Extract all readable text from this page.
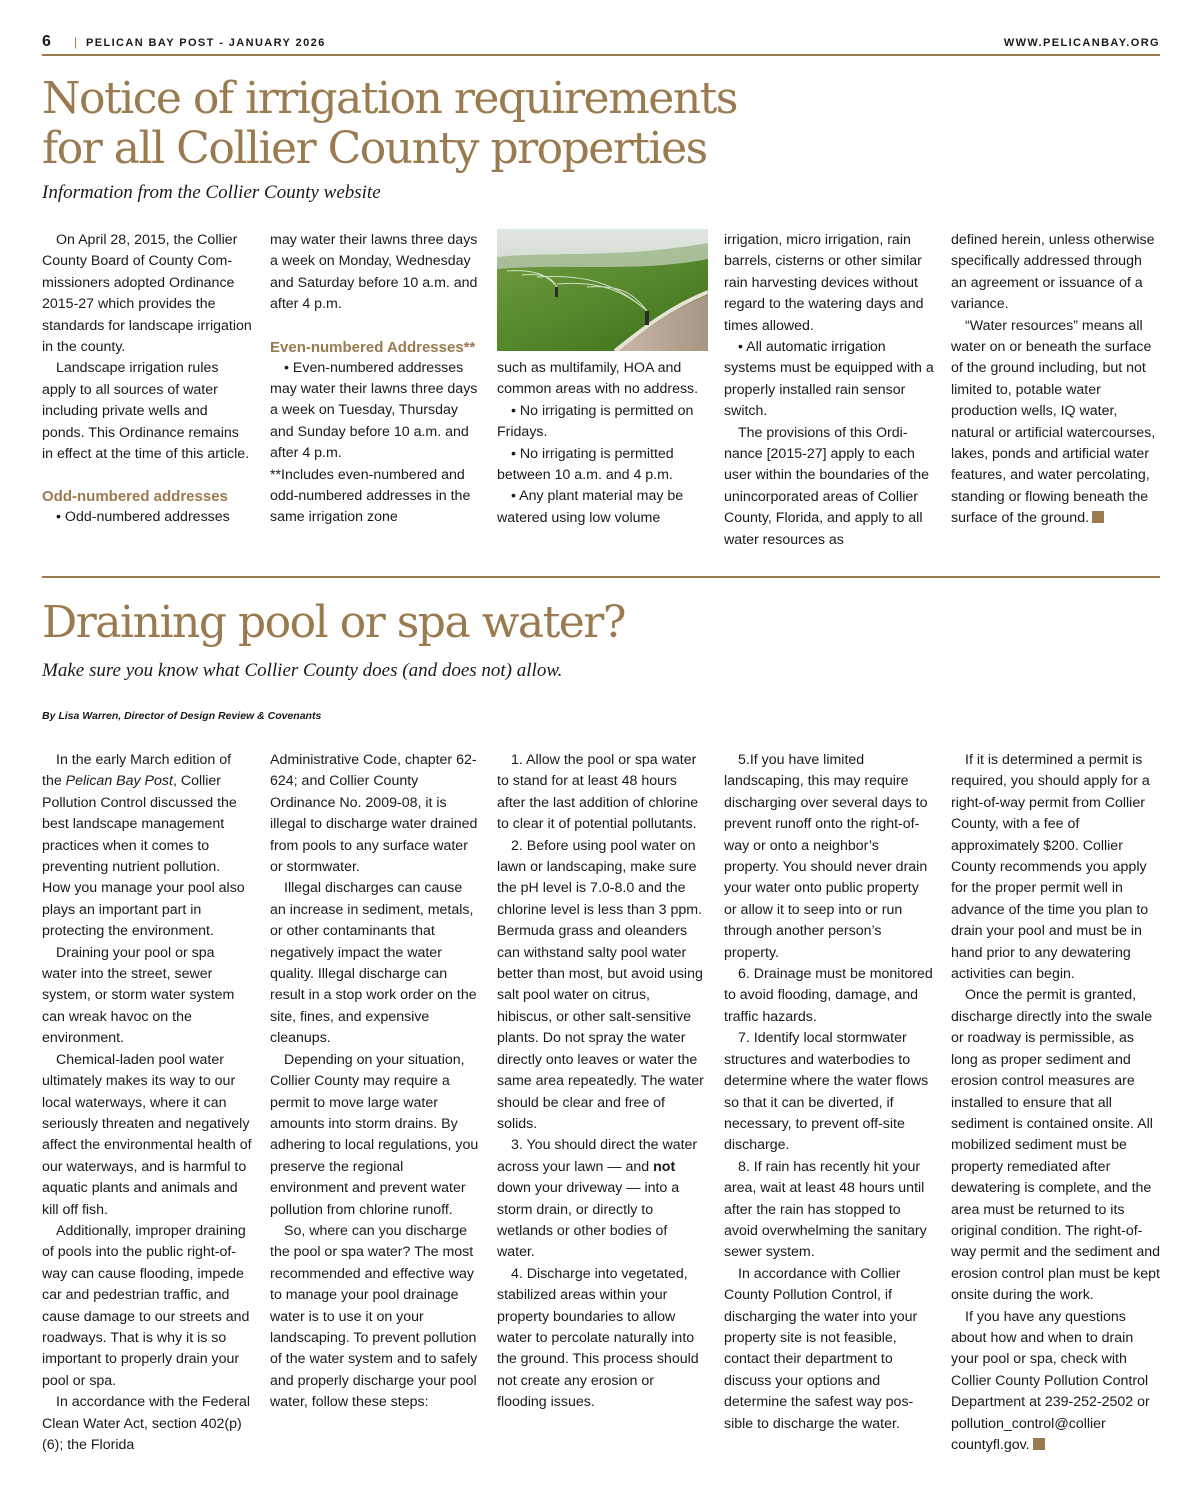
6 | PELICAN BAY POST - JANUARY 2026	WWW.PELICANBAY.ORG
Notice of irrigation requirements
for all Collier County properties
Information from the Collier County website

On April 28, 2015, the Collier County Board of County Commissioners adopted Ordinance 2015-27 which provides the standards for landscape irrigation in the county.

Landscape irrigation rules apply to all sources of water including private wells and ponds. This Ordinance remains in effect at the time of this article.

Odd-numbered addresses

• Odd-numbered addresses

may water their lawns three days a week on Monday, Wednesday and Saturday before 10 a.m. and after 4 p.m.

Even-numbered Addresses**

• Even-numbered addresses may water their lawns three days a week on Tuesday, Thursday and Sunday before 10 a.m. and after 4 p.m.

**Includes even-numbered and odd-numbered addresses in the same irrigation zone

such as multifamily, HOA and common areas with no address.

• No irrigating is permitted on Fridays.

• No irrigating is permitted between 10 a.m. and 4 p.m.

• Any plant material may be watered using low volume

irrigation, micro irrigation, rain barrels, cisterns or other similar rain harvesting devices without regard to the watering days and times allowed.

• All automatic irrigation systems must be equipped with a properly installed rain sensor switch.

The provisions of this Ordinance [2015-27] apply to each user within the boundaries of the unincorporated areas of Collier County, Florida, and apply to all water resources as

defined herein, unless otherwise specifically addressed through an agreement or issuance of a variance.

“Water resources” means all water on or beneath the surface of the ground including, but not limited to, potable water production wells, IQ water, natural or artificial watercourses, lakes, ponds and artificial water features, and water percolating, standing or flowing beneath the surface of the ground.

Draining pool or spa water?
Make sure you know what Collier County does (and does not) allow.
By Lisa Warren, Director of Design Review & Covenants

In the early March edition of the Pelican Bay Post, Collier Pollution Control discussed the best landscape management practices when it comes to preventing nutrient pollution. How you manage your pool also plays an important part in protecting the environment.

Draining your pool or spa water into the street, sewer system, or storm water system can wreak havoc on the environment.

Chemical-laden pool water ultimately makes its way to our local waterways, where it can seriously threaten and negatively affect the environmental health of our waterways, and is harmful to aquatic plants and animals and kill off fish.

Additionally, improper draining of pools into the public right-of-way can cause flooding, impede car and pedestrian traffic, and cause damage to our streets and roadways. That is why it is so important to properly drain your pool or spa.

In accordance with the Federal Clean Water Act, section 402(p)(6); the Florida

Administrative Code, chapter 62-624; and Collier County Ordinance No. 2009-08, it is illegal to discharge water drained from pools to any surface water or stormwater.

Illegal discharges can cause an increase in sediment, metals, or other contaminants that negatively impact the water quality. Illegal discharge can result in a stop work order on the site, fines, and expensive cleanups.

Depending on your situation, Collier County may require a permit to move large water amounts into storm drains. By adhering to local regulations, you preserve the regional environment and prevent water pollution from chlorine runoff.

So, where can you discharge the pool or spa water? The most recommended and effective way to manage your pool drainage water is to use it on your landscaping. To prevent pollution of the water system and to safely and properly discharge your pool water, follow these steps:

1. Allow the pool or spa water to stand for at least 48 hours after the last addition of chlorine to clear it of potential pollutants.

2. Before using pool water on lawn or landscaping, make sure the pH level is 7.0-8.0 and the chlorine level is less than 3 ppm. Bermuda grass and oleanders can withstand salty pool water better than most, but avoid using salt pool water on citrus, hibiscus, or other salt-sensitive plants. Do not spray the water directly onto leaves or water the same area repeatedly. The water should be clear and free of solids.

3. You should direct the water across your lawn — and not down your driveway — into a storm drain, or directly to wetlands or other bodies of water.

4. Discharge into vegetated, stabilized areas within your property boundaries to allow water to percolate naturally into the ground. This process should not create any erosion or flooding issues.

5.If you have limited landscaping, this may require discharging over several days to prevent runoff onto the right-of-way or onto a neighbor’s property. You should never drain your water onto public property or allow it to seep into or run through another person’s property.

6. Drainage must be monitored to avoid flooding, damage, and traffic hazards.

7. Identify local stormwater structures and waterbodies to determine where the water flows so that it can be diverted, if necessary, to prevent off-site discharge.

8. If rain has recently hit your area, wait at least 48 hours until after the rain has stopped to avoid overwhelming the sanitary sewer system.

In accordance with Collier County Pollution Control, if discharging the water into your property site is not feasible, contact their department to discuss your options and determine the safest way possible to discharge the water.

If it is determined a permit is required, you should apply for a right-of-way permit from Collier County, with a fee of approximately $200. Collier County recommends you apply for the proper permit well in advance of the time you plan to drain your pool and must be in hand prior to any dewatering activities can begin.

Once the permit is granted, discharge directly into the swale or roadway is permissible, as long as proper sediment and erosion control measures are installed to ensure that all sediment is contained onsite. All mobilized sediment must be property remediated after dewatering is complete, and the area must be returned to its original condition. The right-of-way permit and the sediment and erosion control plan must be kept onsite during the work.

If you have any questions about how and when to drain your pool or spa, check with Collier County Pollution Control Department at 239-252-2502 or pollution_control@collier countyfl.gov.
